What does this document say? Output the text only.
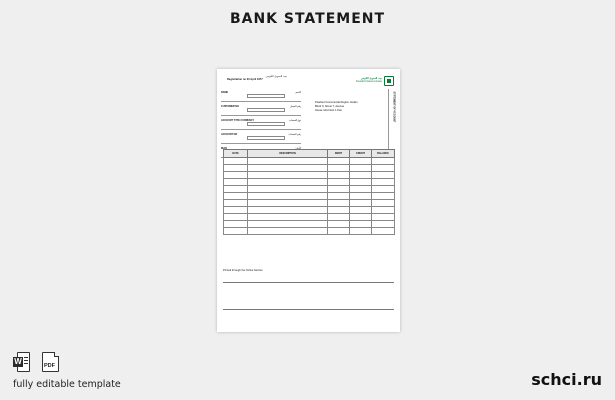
BANK STATEMENT
بيت التمويل الكويتي
Registration no 23 April 1977	بيت التمويل الكويتي
Kuwait Finance House
NAME	الاسم
CUSTOMER NO	رقم العميل
ACCOUNT TYPE CURRENCY	نوع الحساب
ACCOUNT NO	رقم الحساب
IBAN	الآيبان
Pearland Commercial Region Jordan
Block 9, Street 7, Avenue
House 14A Floor 1 Flat	STATEMENT OF ACCOUNT

DATE	DESCRIPTION	DEBIT	CREDIT	BALANCE

Printed through the Online Service
W	PDF
fully editable template	schci.ru
